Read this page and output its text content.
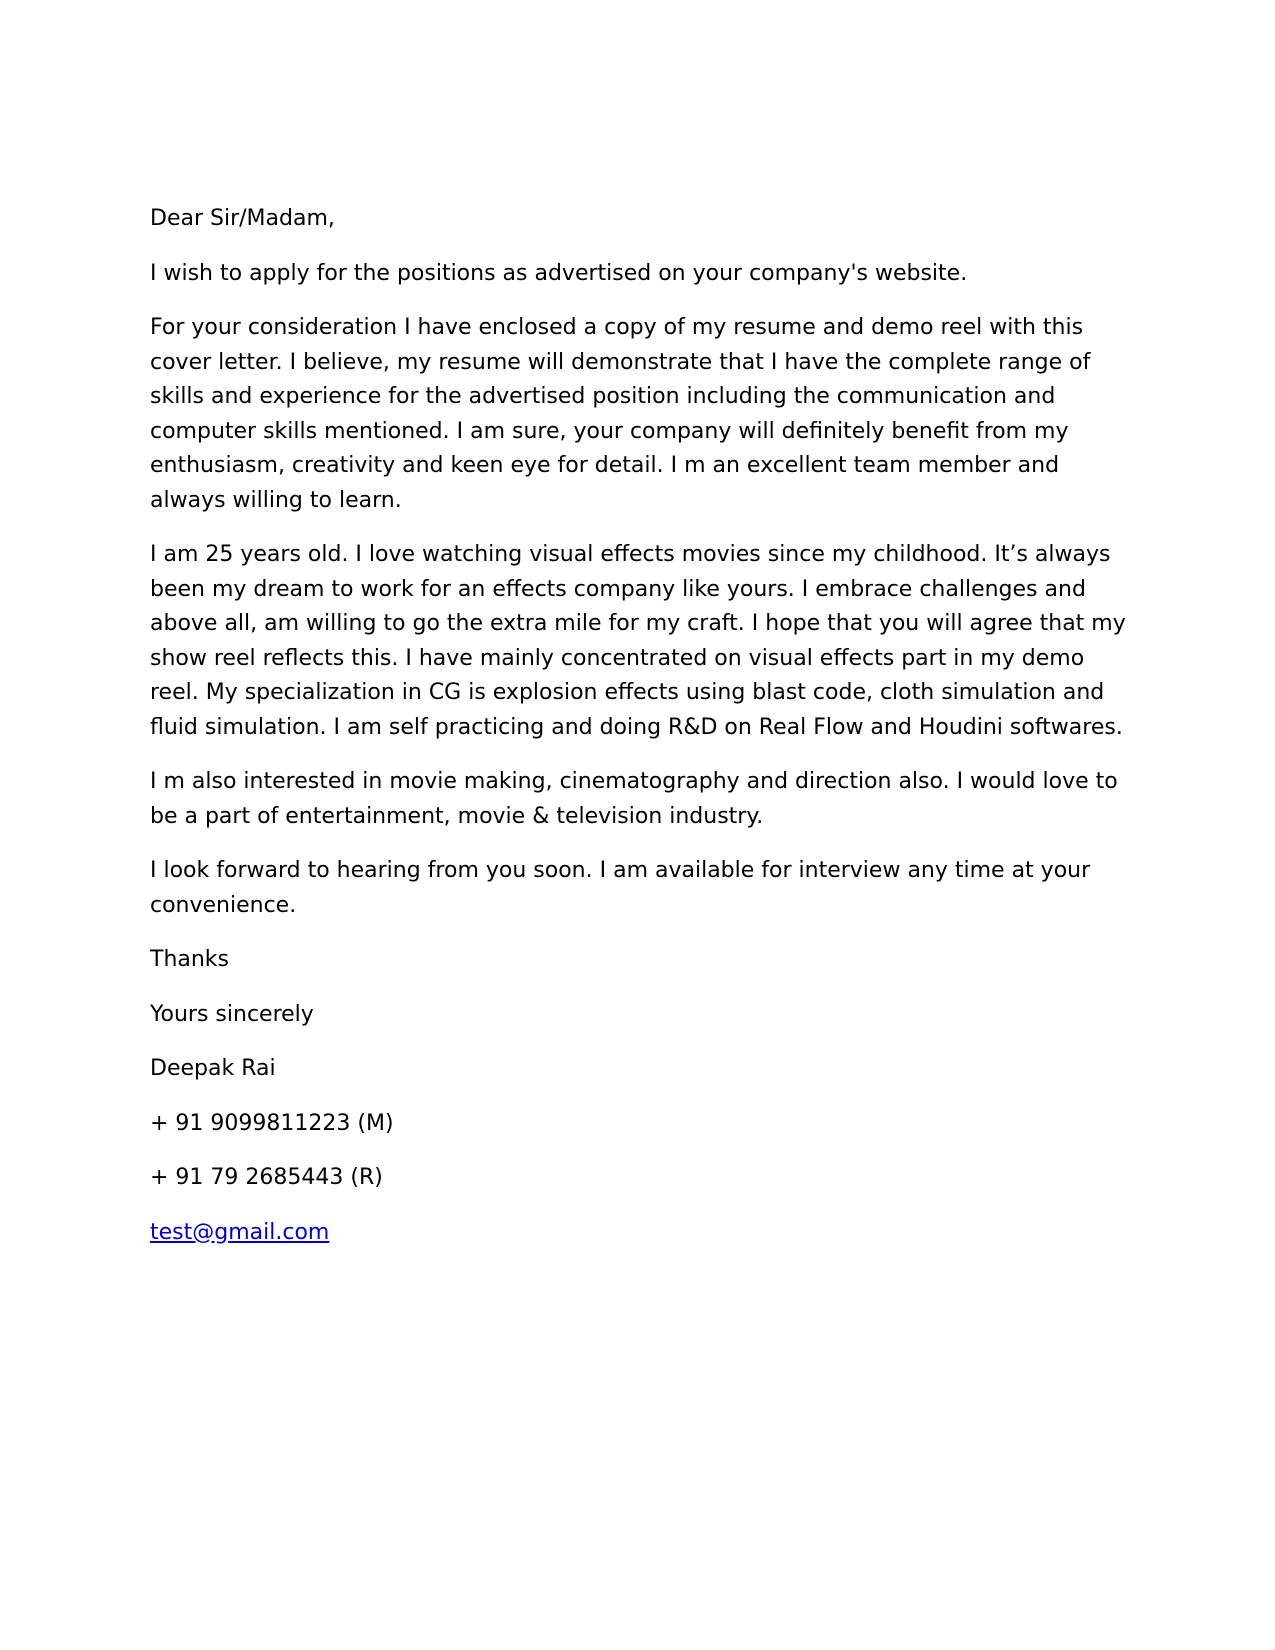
Dear Sir/Madam,

I wish to apply for the positions as advertised on your company's website.

For your consideration I have enclosed a copy of my resume and demo reel with this cover letter. I believe, my resume will demonstrate that I have the complete range of skills and experience for the advertised position including the communication and computer skills mentioned. I am sure, your company will definitely benefit from my enthusiasm, creativity and keen eye for detail. I m an excellent team member and always willing to learn.

I am 25 years old. I love watching visual effects movies since my childhood. It’s always been my dream to work for an effects company like yours. I embrace challenges and above all, am willing to go the extra mile for my craft. I hope that you will agree that my show reel reflects this. I have mainly concentrated on visual effects part in my demo reel. My specialization in CG is explosion effects using blast code, cloth simulation and fluid simulation. I am self practicing and doing R&D on Real Flow and Houdini softwares.

I m also interested in movie making, cinematography and direction also. I would love to be a part of entertainment, movie & television industry.

I look forward to hearing from you soon. I am available for interview any time at your convenience.

Thanks

Yours sincerely

Deepak Rai

+ 91 9099811223 (M)

+ 91 79 2685443 (R)

test@gmail.com
